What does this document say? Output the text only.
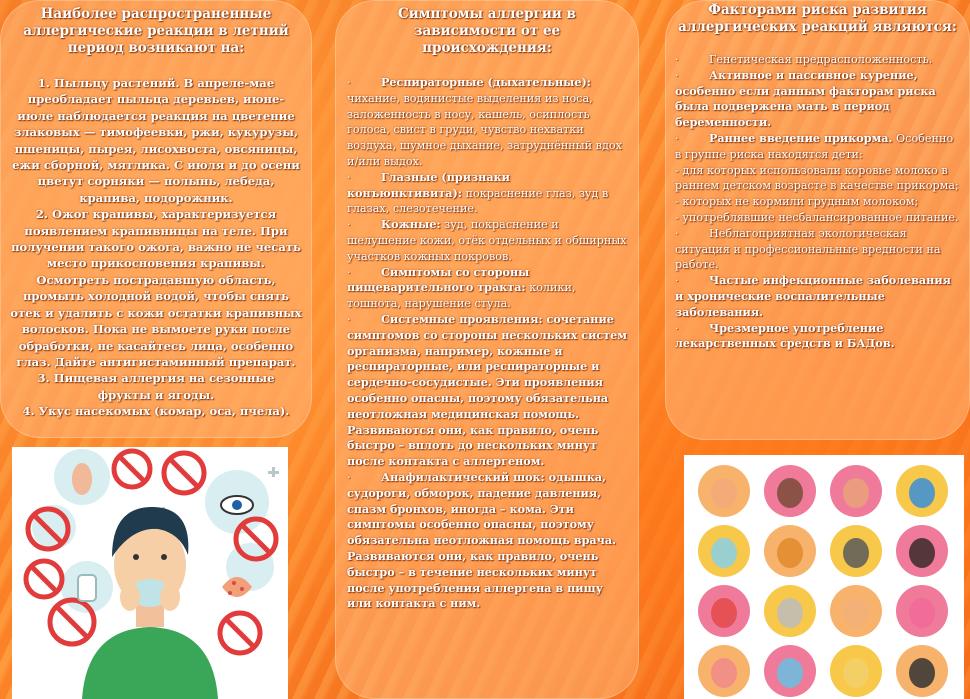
Наиболее распространенные аллергические реакции в летний период возникают на:

1. Пыльцу растений. В апреле-мае преобладает пыльца деревьев, июне-июле наблюдается реакция на цветение злаковых — тимофеевки, ржи, кукурузы, пшеницы, пырея, лисохвоста, овсяницы, ежи сборной, мятлика. С июля и до осени цветут сорняки — полынь, лебеда, крапива, подорожник.

2. Ожог крапивы, характеризуется появлением крапивницы на теле. При получении такого ожога, важно не чесать место прикосновения крапивы. Осмотреть пострадавшую область, промыть холодной водой, чтобы снять отек и удалить с кожи остатки крапивных волосков. Пока не вымоете руки после обработки, не касайтесь лица, особенно глаз. Дайте антигистаминный препарат.

3. Пищевая аллергия на сезонные фрукты и ягоды.

4. Укус насекомых (комар, оса, пчела).

Симптомы аллергии в зависимости от ее происхождения:

·	Респираторные (дыхательные): чихание, водянистые выделения из носа, заложенность в носу, кашель, осиплость голоса, свист в груди, чувство нехватки воздуха, шумное дыхание, затруднённый вдох и/или выдох.

·	Глазные (признаки конъюнктивита): покраснение глаз, зуд в глазах, слезотечение.

·	Кожные: зуд, покраснение и шелушение кожи, отёк отдельных и обширных участков кожных покровов.

·	Симптомы со стороны пищеварительного тракта: колики, тошнота, нарушение стула.

·	Системные проявления: сочетание симптомов со стороны нескольких систем организма, например, кожные и респираторные, или респираторные и сердечно-сосудистые. Эти проявления особенно опасны, поэтому обязательна неотложная медицинская помощь. Развиваются они, как правило, очень быстро – вплоть до нескольких минут после контакта с аллергеном.

·	Анафилактический шок: одышка, судороги, обморок, падение давления, спазм бронхов, иногда – кома. Эти симптомы особенно опасны, поэтому обязательна неотложная помощь врача. Развиваются они, как правило, очень быстро – в течение нескольких минут после употребления аллергена в пищу или контакта с ним.

Факторами риска развития аллергических реакций являются:

·	Генетическая предрасположенность.

·	Активное и пассивное курение, особенно если данным факторам риска была подвержена мать в период беременности.

·	Раннее введение прикорма. Особенно в группе риска находятся дети:

- для которых использовали коровье молоко в раннем детском возрасте в качестве прикорма;

- которых не кормили грудным молоком;

- употреблявшие несбалансированное питание.

·	Неблагоприятная экологическая ситуация и профессиональные вредности на работе.

·	Частые инфекционные заболевания и хронические воспалительные заболевания.

·	Чрезмерное употребление лекарственных средств и БАДов.
